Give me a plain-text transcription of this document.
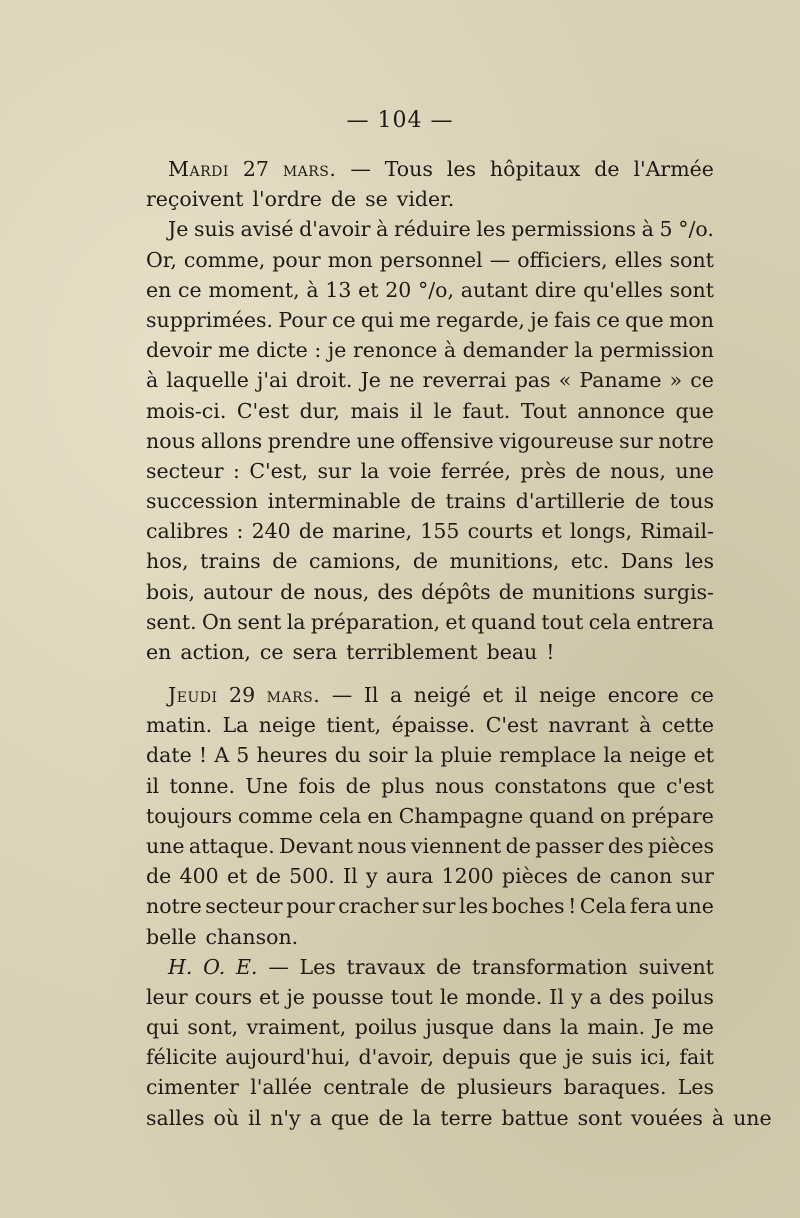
— 104 —
Mardi 27 mars. — Tous les hôpitaux de l'Armée
reçoivent l'ordre de se vider.
Je suis avisé d'avoir à réduire les permissions à 5 °/o.
Or, comme, pour mon personnel — officiers, elles sont
en ce moment, à 13 et 20 °/o, autant dire qu'elles sont
supprimées. Pour ce qui me regarde, je fais ce que mon
devoir me dicte : je renonce à demander la permission
à laquelle j'ai droit. Je ne reverrai pas « Paname » ce
mois-ci. C'est dur, mais il le faut. Tout annonce que
nous allons prendre une offensive vigoureuse sur notre
secteur : C'est, sur la voie ferrée, près de nous, une
succession interminable de trains d'artillerie de tous
calibres : 240 de marine, 155 courts et longs, Rimail-
hos, trains de camions, de munitions, etc. Dans les
bois, autour de nous, des dépôts de munitions surgis-
sent. On sent la préparation, et quand tout cela entrera
en action, ce sera terriblement beau !
Jeudi 29 mars. — Il a neigé et il neige encore ce
matin. La neige tient, épaisse. C'est navrant à cette
date ! A 5 heures du soir la pluie remplace la neige et
il tonne. Une fois de plus nous constatons que c'est
toujours comme cela en Champagne quand on prépare
une attaque. Devant nous viennent de passer des pièces
de 400 et de 500. Il y aura 1200 pièces de canon sur
notre secteur pour cracher sur les boches ! Cela fera une
belle chanson.
H. O. E. — Les travaux de transformation suivent
leur cours et je pousse tout le monde. Il y a des poilus
qui sont, vraiment, poilus jusque dans la main. Je me
félicite aujourd'hui, d'avoir, depuis que je suis ici, fait
cimenter l'allée centrale de plusieurs baraques. Les
salles où il n'y a que de la terre battue sont vouées à une
